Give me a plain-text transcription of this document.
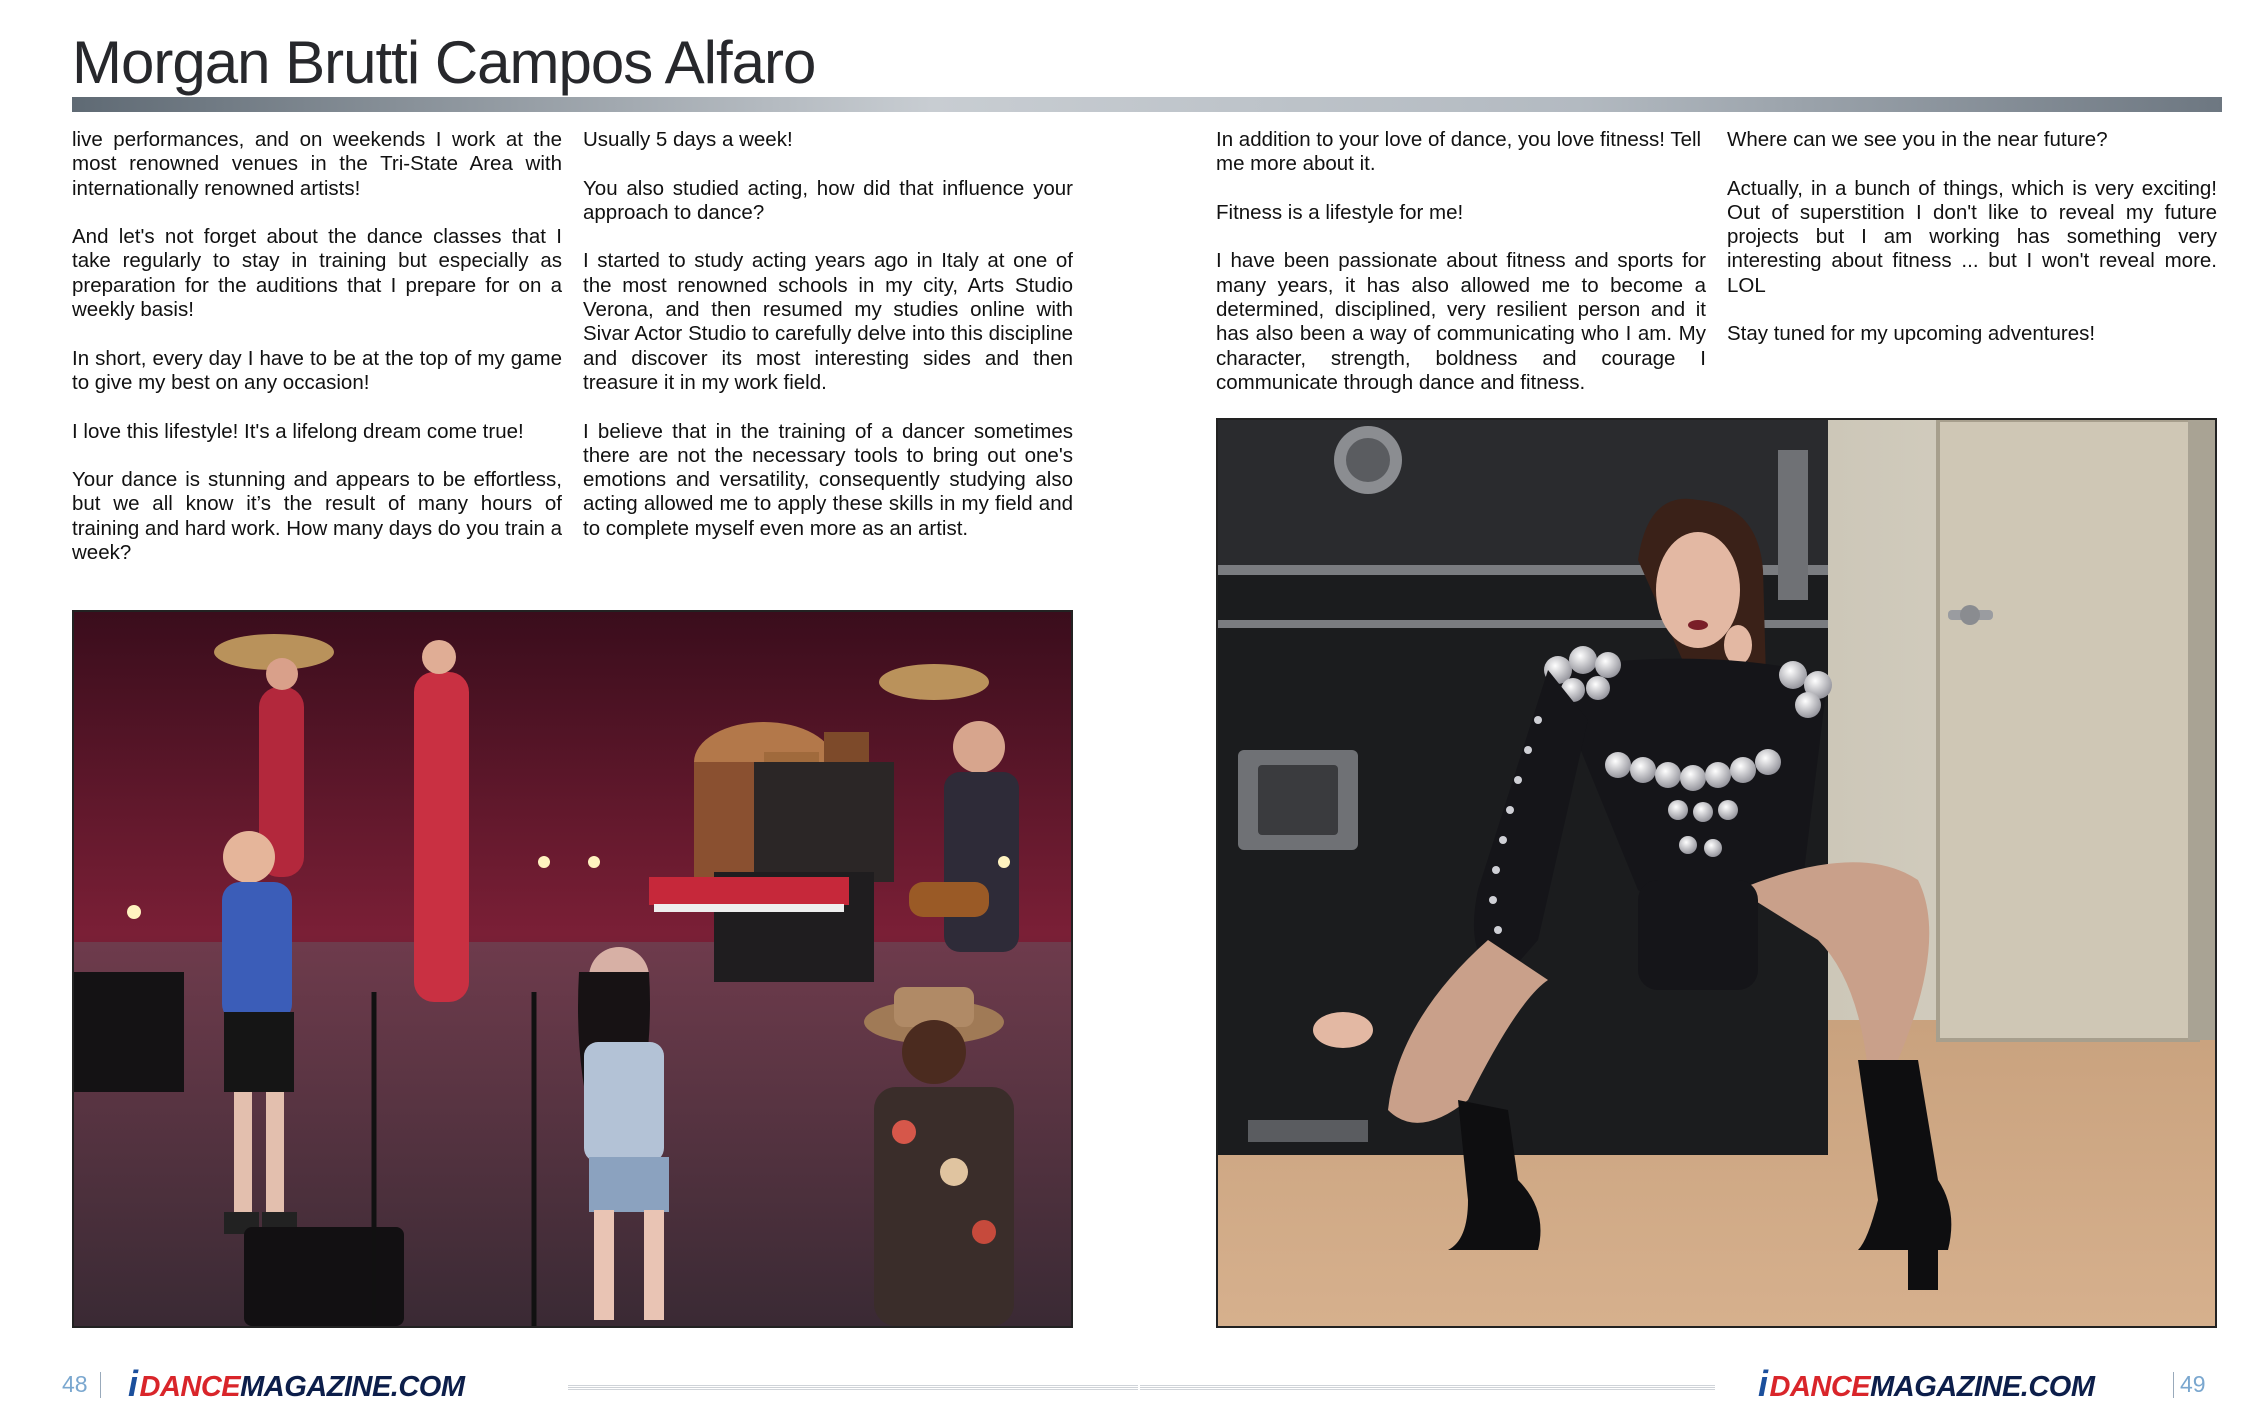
Morgan Brutti Campos Alfaro

live performances, and on weekends I work at the most renowned venues in the Tri-State Area with internationally renowned artists!

And let's not forget about the dance classes that I take regularly to stay in training but especially as preparation for the auditions that I prepare for on a weekly basis!

In short, every day I have to be at the top of my game to give my best on any occasion!

I love this lifestyle! It's a lifelong dream come true!

Your dance is stunning and appears to be effortless, but we all know it’s the result of many hours of training and hard work. How many days do you train a week?

Usually 5 days a week!

You also studied acting, how did that influence your approach to dance?

I started to study acting years ago in Italy at one of the most renowned schools in my city, Arts Studio Verona, and then resumed my studies online with Sivar Actor Studio to carefully delve into this discipline and discover its most interesting sides and then treasure it in my work field.

I believe that in the training of a dancer sometimes there are not the necessary tools to bring out one's emotions and versatility, consequently studying also acting allowed me to apply these skills in my field and to complete myself even more as an artist.

In addition to your love of dance, you love fitness! Tell me more about it.

Fitness is a lifestyle for me!

I have been passionate about fitness and sports for many years, it has also allowed me to become a determined, disciplined, very resilient person and it has also been a way of communicating who I am. My character, strength, boldness and courage I communicate through dance and fitness.

Where can we see you in the near future?

Actually, in a bunch of things, which is very exciting! Out of superstition I don't like to reveal my future projects but I am working has something very interesting about fitness ... but I won't reveal more. LOL

Stay tuned for my upcoming adventures!

48 i DANCE MAGAZINE.COM	i DANCE MAGAZINE.COM	49
